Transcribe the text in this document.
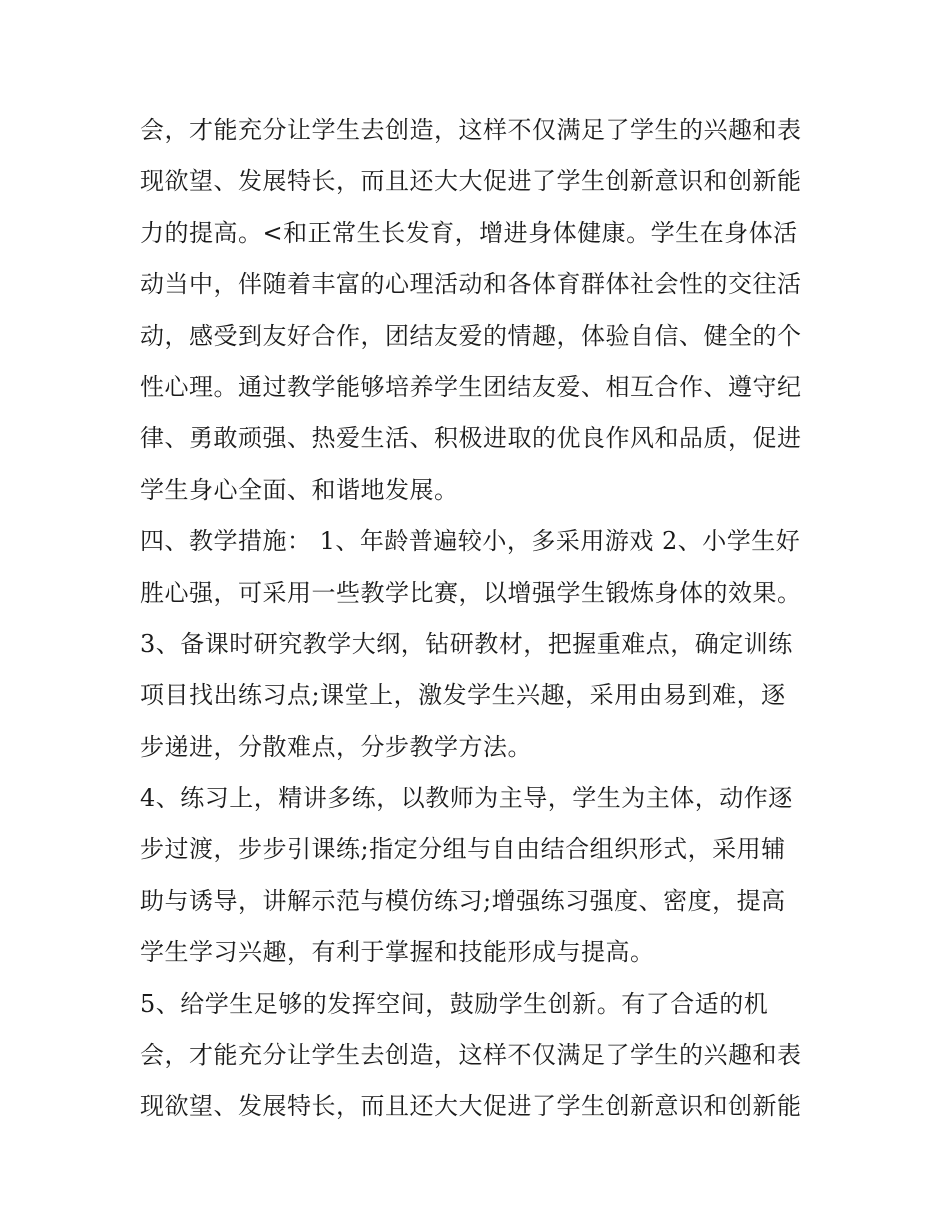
会，才能充分让学生去创造，这样不仅满足了学生的兴趣和表
现欲望、发展特长，而且还大大促进了学生创新意识和创新能
力的提高。<和正常生长发育，增进身体健康。学生在身体活
动当中，伴随着丰富的心理活动和各体育群体社会性的交往活
动，感受到友好合作，团结友爱的情趣，体验自信、健全的个
性心理。通过教学能够培养学生团结友爱、相互合作、遵守纪
律、勇敢顽强、热爱生活、积极进取的优良作风和品质，促进
学生身心全面、和谐地发展。
四、教学措施： 1、年龄普遍较小，多采用游戏 2、小学生好
胜心强，可采用一些教学比赛，以增强学生锻炼身体的效果。
3、备课时研究教学大纲，钻研教材，把握重难点，确定训练
项目找出练习点;课堂上，激发学生兴趣，采用由易到难，逐
步递进，分散难点，分步教学方法。
4、练习上，精讲多练，以教师为主导，学生为主体，动作逐
步过渡，步步引课练;指定分组与自由结合组织形式，采用辅
助与诱导，讲解示范与模仿练习;增强练习强度、密度，提高
学生学习兴趣，有利于掌握和技能形成与提高。
5、给学生足够的发挥空间，鼓励学生创新。有了合适的机
会，才能充分让学生去创造，这样不仅满足了学生的兴趣和表
现欲望、发展特长，而且还大大促进了学生创新意识和创新能
